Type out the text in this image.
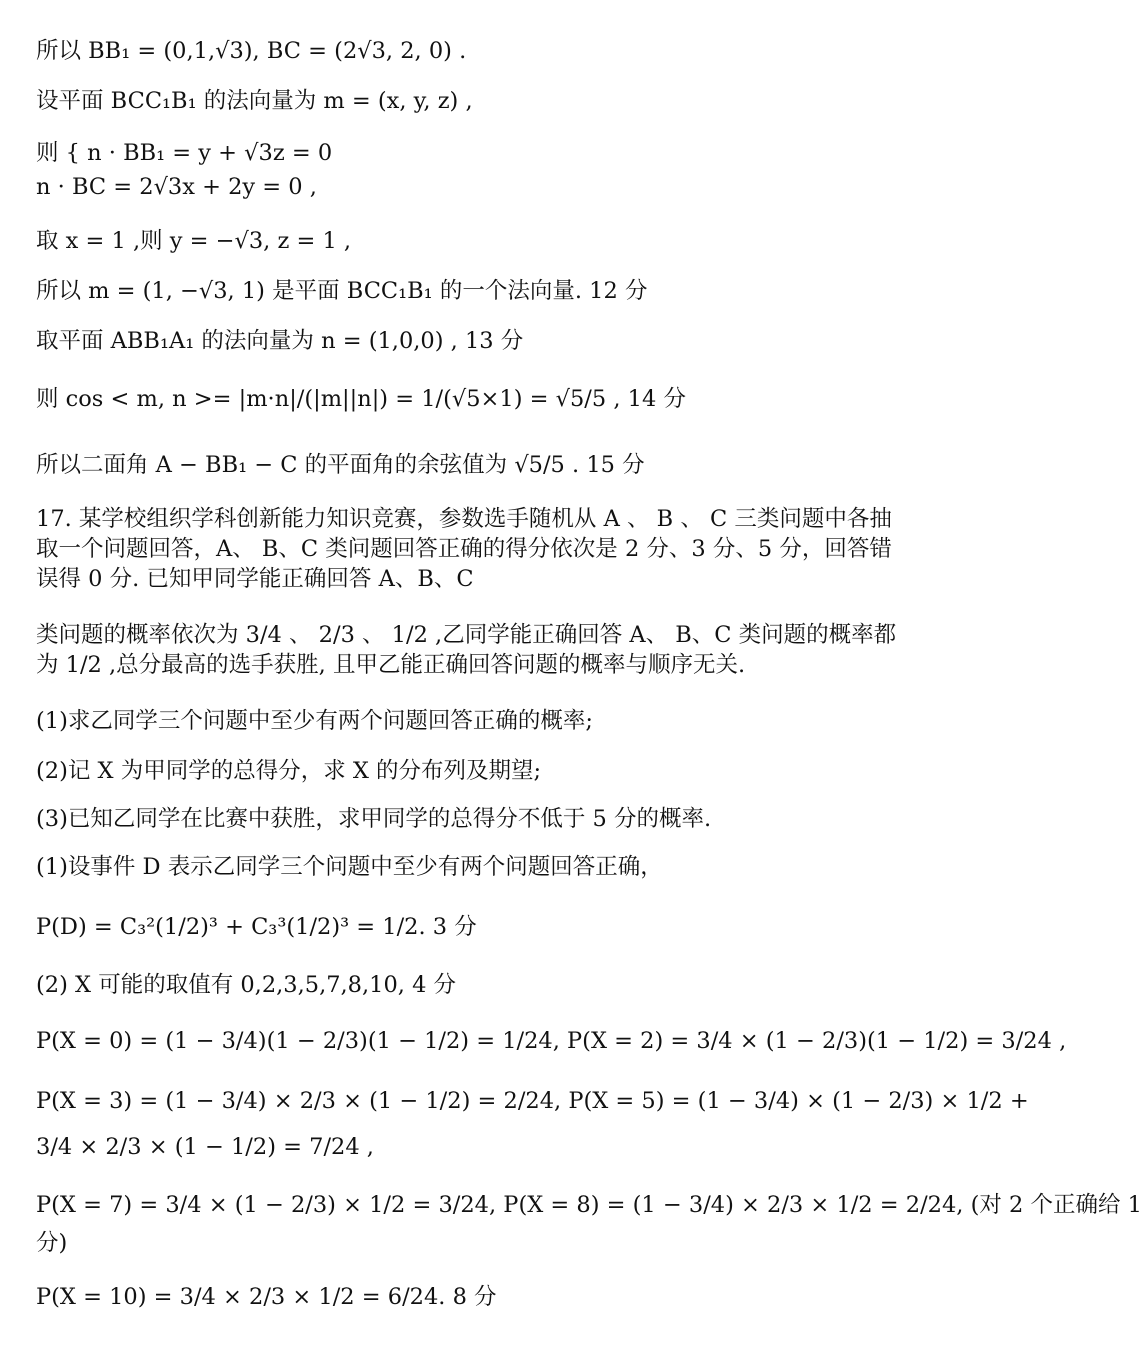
所以 BB₁ = (0,1,√3), BC = (2√3, 2, 0) .
设平面 BCC₁B₁ 的法向量为 m = (x, y, z) ,
则 { n · BB₁ = y + √3z = 0
n · BC = 2√3x + 2y = 0 ,
取 x = 1 ,则 y = −√3, z = 1 ,
所以 m = (1, −√3, 1) 是平面 BCC₁B₁ 的一个法向量. 12 分
取平面 ABB₁A₁ 的法向量为 n = (1,0,0) , 13 分
则 cos < m, n >= |m·n|/(|m||n|) = 1/(√5×1) = √5/5 , 14 分
所以二面角 A − BB₁ − C 的平面角的余弦值为 √5/5 . 15 分
17. 某学校组织学科创新能力知识竞赛，参数选手随机从 A 、 B 、 C 三类问题中各抽取一个问题回答，A、 B、C 类问题回答正确的得分依次是 2 分、3 分、5 分，回答错误得 0 分. 已知甲同学能正确回答 A、B、C
类问题的概率依次为 3/4 、 2/3 、 1/2 ,乙同学能正确回答 A、 B、C 类问题的概率都为 1/2 ,总分最高的选手获胜, 且甲乙能正确回答问题的概率与顺序无关.
(1)求乙同学三个问题中至少有两个问题回答正确的概率;
(2)记 X 为甲同学的总得分，求 X 的分布列及期望;
(3)已知乙同学在比赛中获胜，求甲同学的总得分不低于 5 分的概率.
(1)设事件 D 表示乙同学三个问题中至少有两个问题回答正确，
P(D) = C₃²(1/2)³ + C₃³(1/2)³ = 1/2. 3 分
(2) X 可能的取值有 0,2,3,5,7,8,10, 4 分
P(X = 0) = (1 − 3/4)(1 − 2/3)(1 − 1/2) = 1/24, P(X = 2) = 3/4 × (1 − 2/3)(1 − 1/2) = 3/24 ,
P(X = 3) = (1 − 3/4) × 2/3 × (1 − 1/2) = 2/24, P(X = 5) = (1 − 3/4) × (1 − 2/3) × 1/2 +
3/4 × 2/3 × (1 − 1/2) = 7/24 ,
P(X = 7) = 3/4 × (1 − 2/3) × 1/2 = 3/24, P(X = 8) = (1 − 3/4) × 2/3 × 1/2 = 2/24, (对 2 个正确给 1
分)
P(X = 10) = 3/4 × 2/3 × 1/2 = 6/24. 8 分
